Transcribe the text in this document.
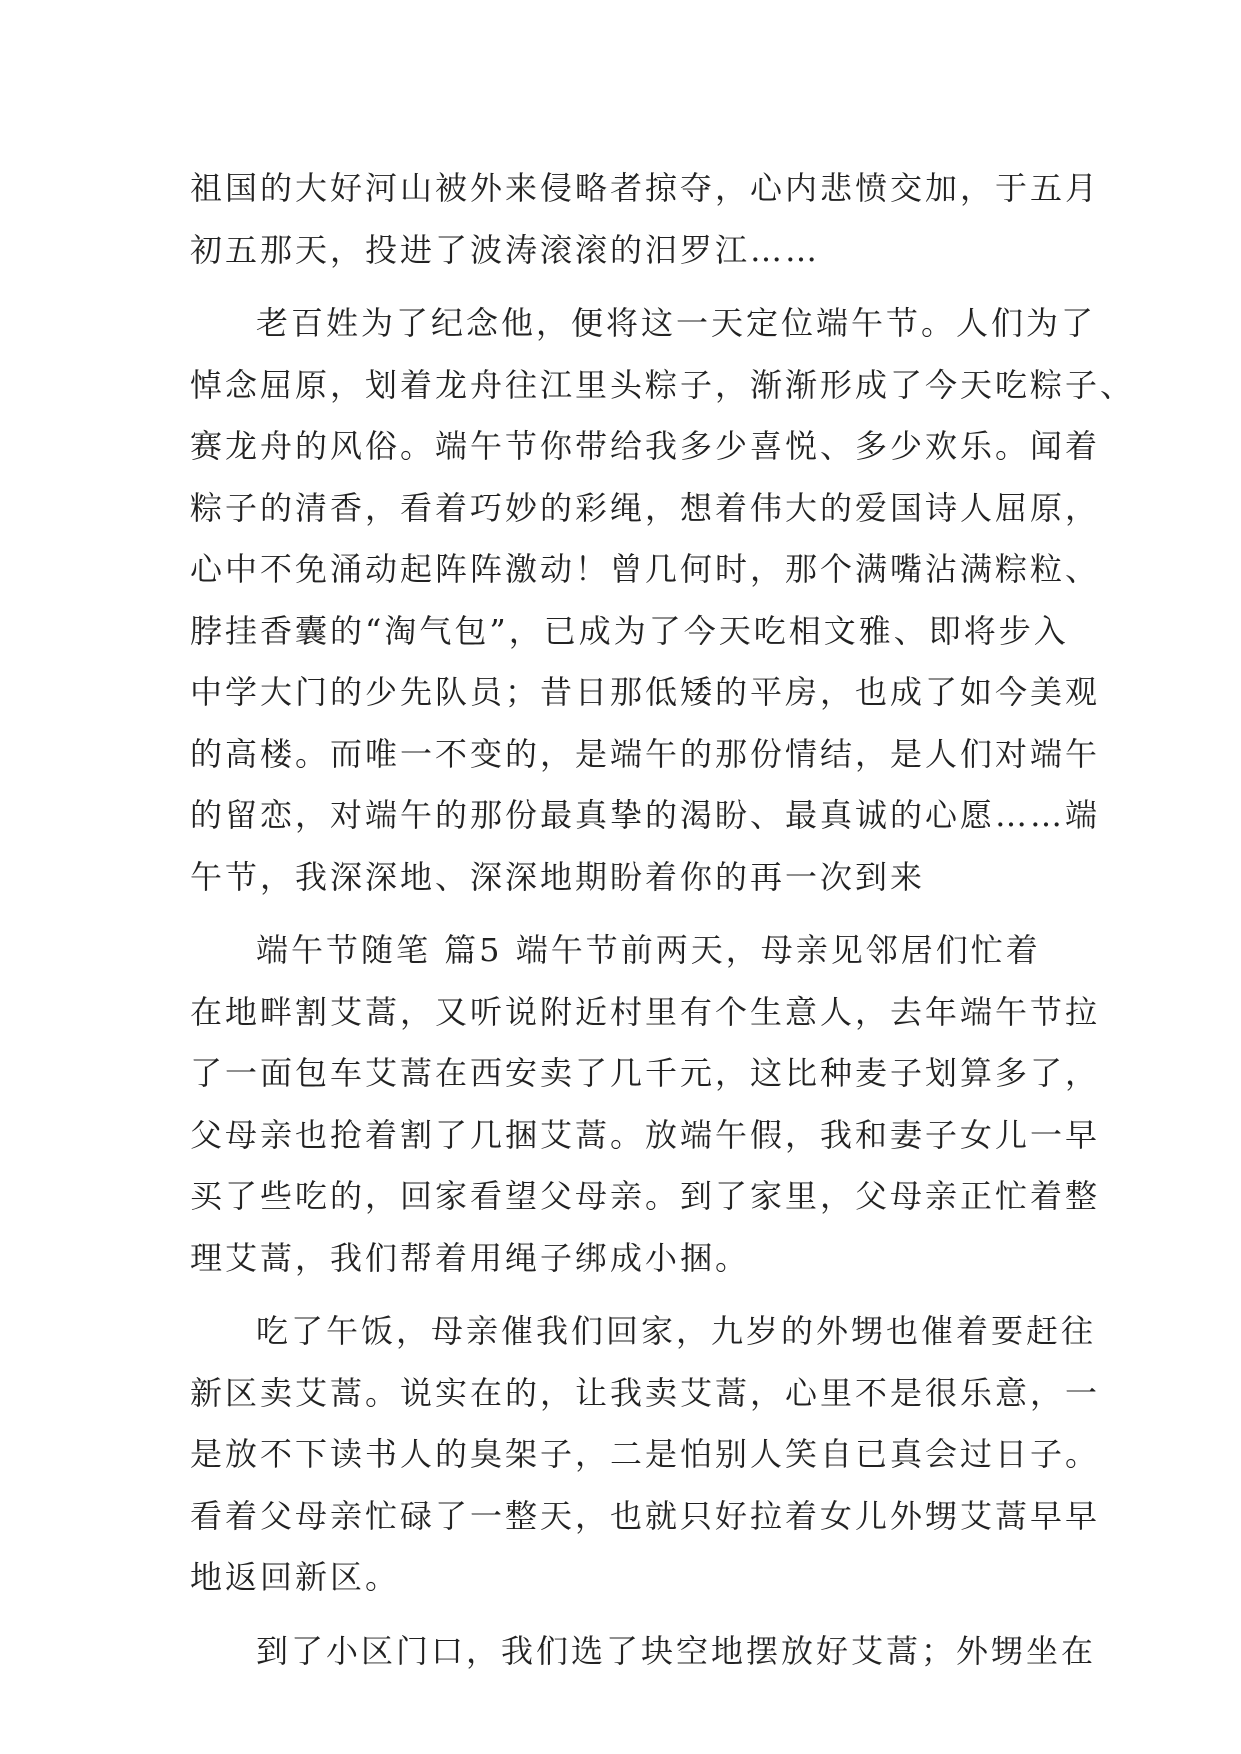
祖国的大好河山被外来侵略者掠夺，心内悲愤交加，于五月
初五那天，投进了波涛滚滚的汨罗江……
老百姓为了纪念他，便将这一天定位端午节。人们为了
悼念屈原，划着龙舟往江里头粽子，渐渐形成了今天吃粽子、
赛龙舟的风俗。端午节你带给我多少喜悦、多少欢乐。闻着
粽子的清香，看着巧妙的彩绳，想着伟大的爱国诗人屈原，
心中不免涌动起阵阵激动！曾几何时，那个满嘴沾满粽粒、
脖挂香囊的“淘气包”，已成为了今天吃相文雅、即将步入
中学大门的少先队员；昔日那低矮的平房，也成了如今美观
的高楼。而唯一不变的，是端午的那份情结，是人们对端午
的留恋，对端午的那份最真挚的渴盼、最真诚的心愿……端
午节，我深深地、深深地期盼着你的再一次到来
端午节随笔 篇5 端午节前两天，母亲见邻居们忙着
在地畔割艾蒿，又听说附近村里有个生意人，去年端午节拉
了一面包车艾蒿在西安卖了几千元，这比种麦子划算多了，
父母亲也抢着割了几捆艾蒿。放端午假，我和妻子女儿一早
买了些吃的，回家看望父母亲。到了家里，父母亲正忙着整
理艾蒿，我们帮着用绳子绑成小捆。
吃了午饭，母亲催我们回家，九岁的外甥也催着要赶往
新区卖艾蒿。说实在的，让我卖艾蒿，心里不是很乐意，一
是放不下读书人的臭架子，二是怕别人笑自已真会过日子。
看着父母亲忙碌了一整天，也就只好拉着女儿外甥艾蒿早早
地返回新区。
到了小区门口，我们选了块空地摆放好艾蒿；外甥坐在
